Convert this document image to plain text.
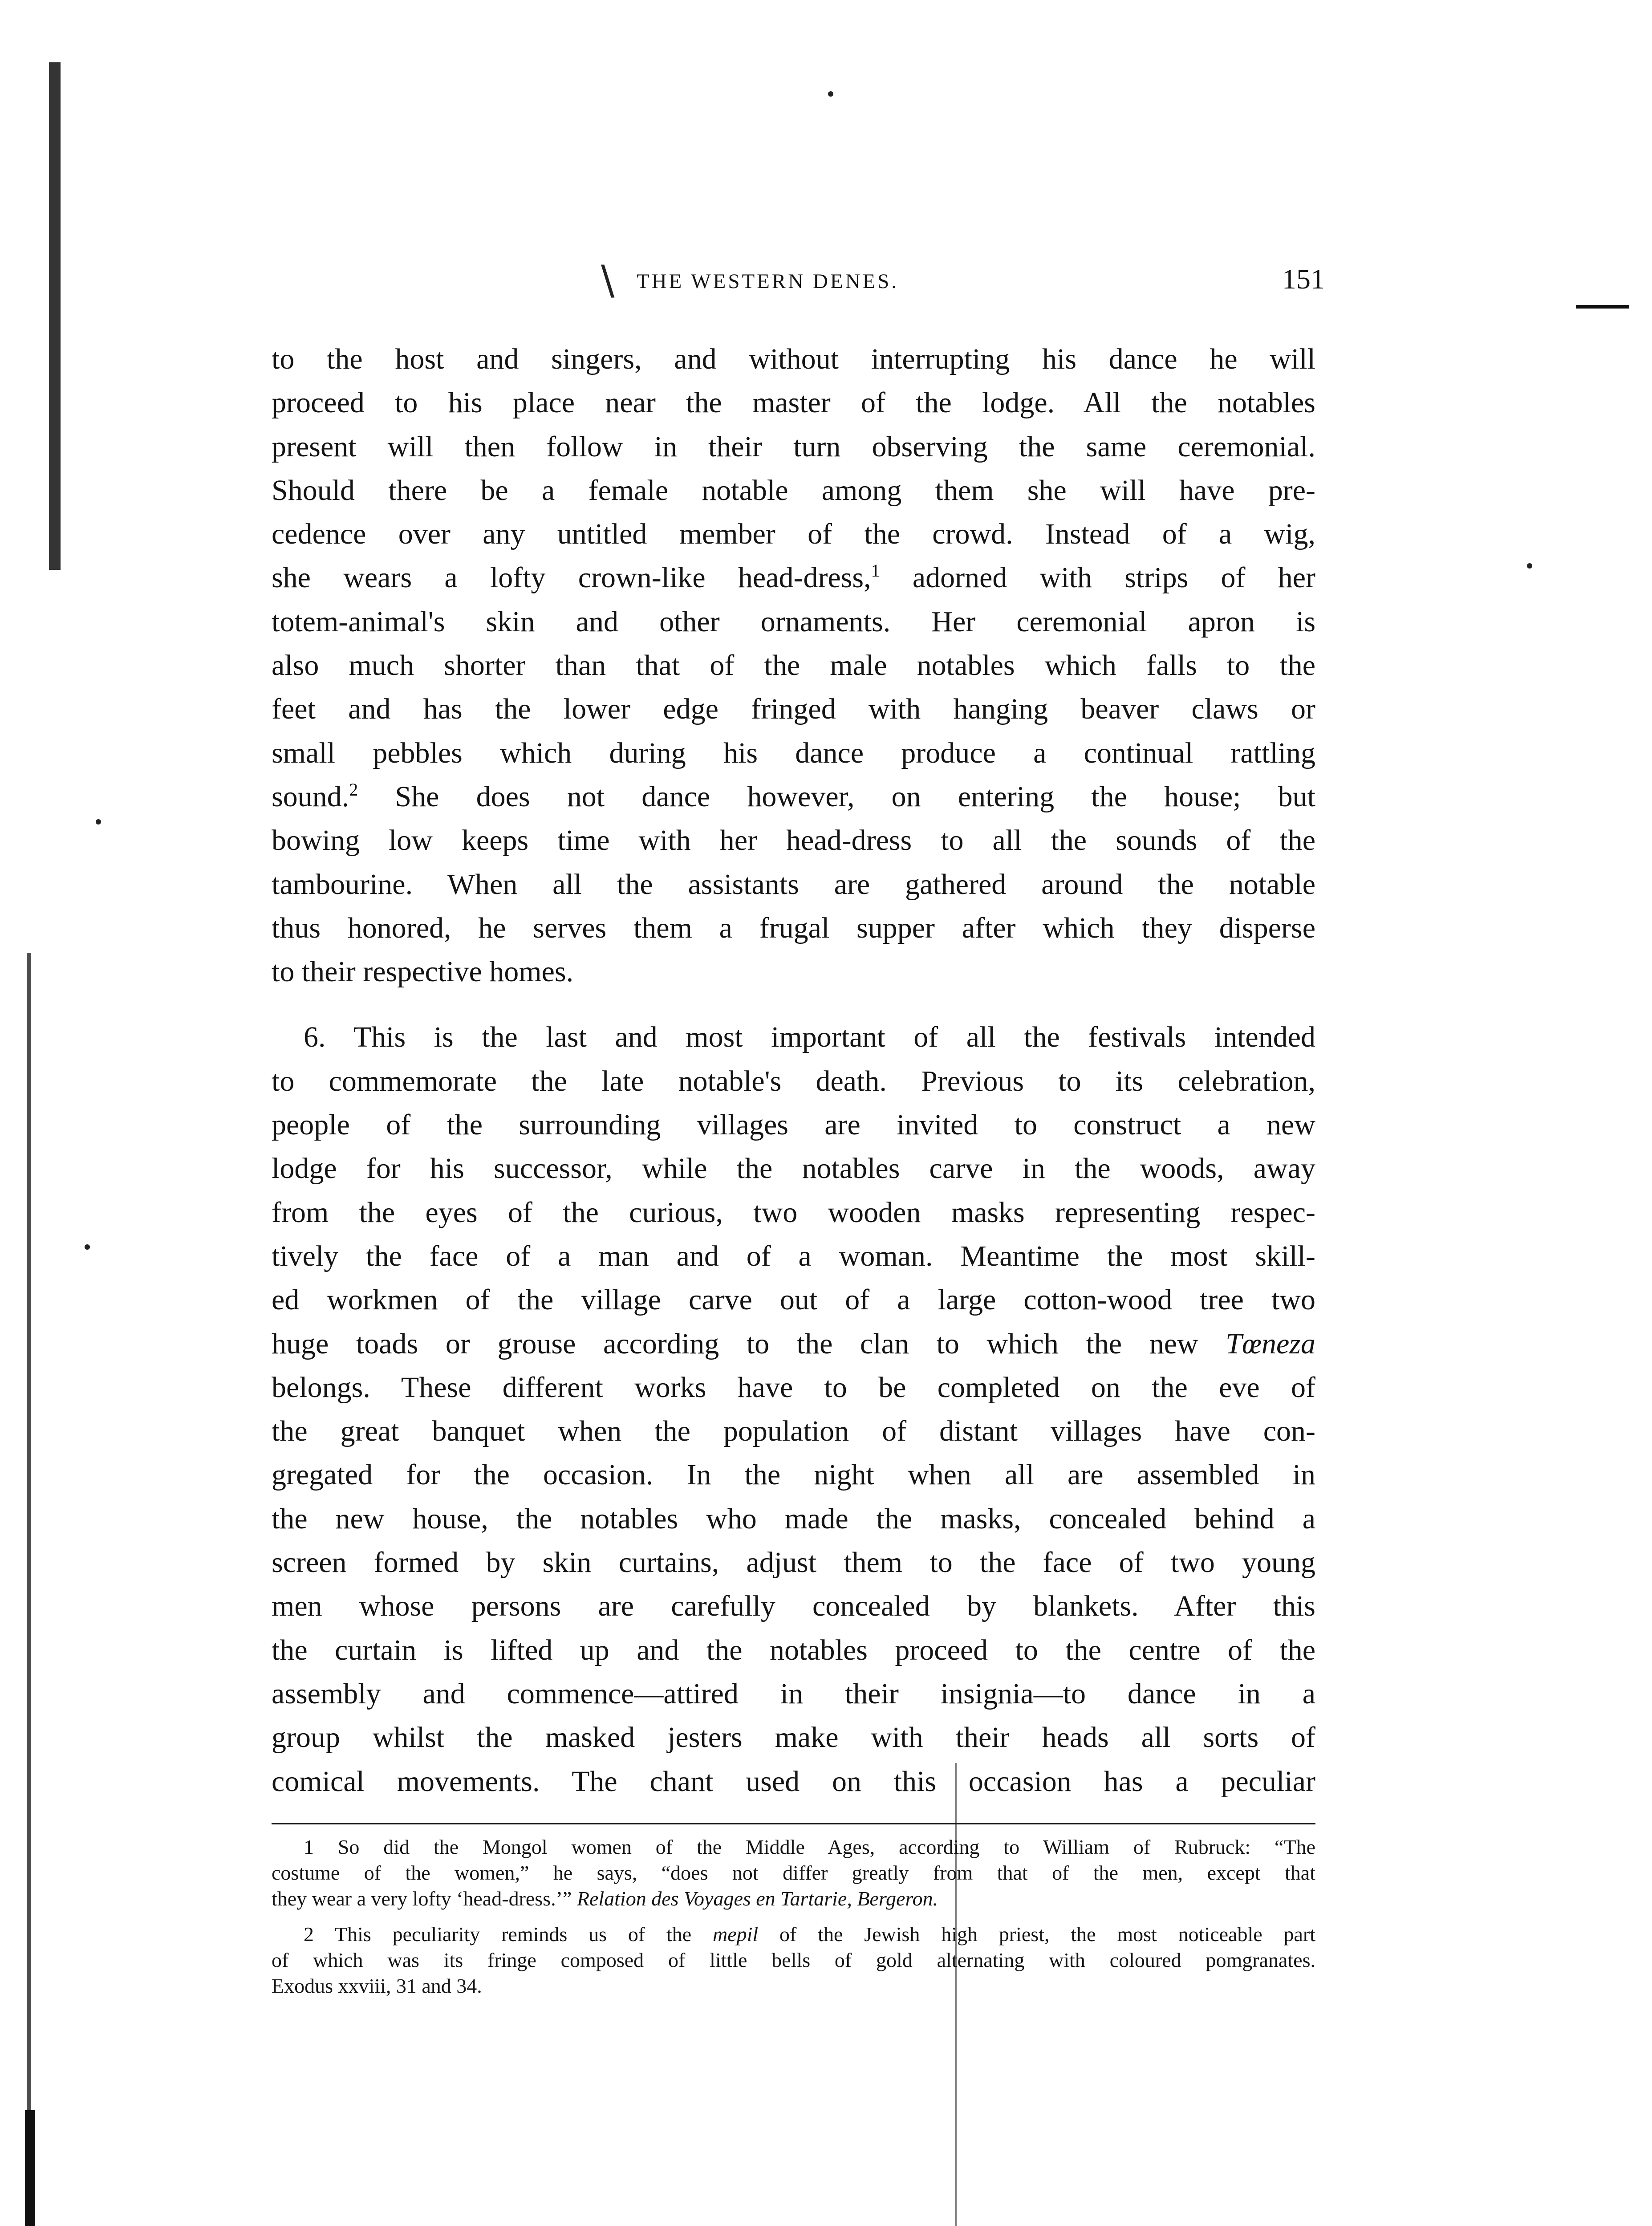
\ THE WESTERN DENES.	151
to the host and singers, and without interrupting his dance he will
proceed to his place near the master of the lodge. All the notables
present will then follow in their turn observing the same ceremonial.
Should there be a female notable among them she will have pre-
cedence over any untitled member of the crowd. Instead of a wig,
she wears a lofty crown-like head-dress,$^1$ adorned with strips of her
totem-animal's skin and other ornaments. Her ceremonial apron is
also much shorter than that of the male notables which falls to the
feet and has the lower edge fringed with hanging beaver claws or
small pebbles which during his dance produce a continual rattling
sound.$^2$ She does not dance however, on entering the house; but
bowing low keeps time with her head-dress to all the sounds of the
tambourine. When all the assistants are gathered around the notable
thus honored, he serves them a frugal supper after which they disperse
to their respective homes.
6. This is the last and most important of all the festivals intended
to commemorate the late notable's death. Previous to its celebration,
people of the surrounding villages are invited to construct a new
lodge for his successor, while the notables carve in the woods, away
from the eyes of the curious, two wooden masks representing respec-
tively the face of a man and of a woman. Meantime the most skill-
ed workmen of the village carve out of a large cotton-wood tree two
huge toads or grouse according to the clan to which the new Tœneza
belongs. These different works have to be completed on the eve of
the great banquet when the population of distant villages have con-
gregated for the occasion. In the night when all are assembled in
the new house, the notables who made the masks, concealed behind a
screen formed by skin curtains, adjust them to the face of two young
men whose persons are carefully concealed by blankets. After this
the curtain is lifted up and the notables proceed to the centre of the
assembly and commence—attired in their insignia—to dance in a
group whilst the masked jesters make with their heads all sorts of
comical movements. The chant used on this occasion has a peculiar
1 So did the Mongol women of the Middle Ages, according to William of Rubruck: “The
costume of the women,” he says, “does not differ greatly from that of the men, except that
they wear a very lofty ‘head-dress.’” Relation des Voyages en Tartarie, Bergeron.
2 This peculiarity reminds us of the mepil of the Jewish high priest, the most noticeable part
of which was its fringe composed of little bells of gold alternating with coloured pomgranates.
Exodus xxviii, 31 and 34.
